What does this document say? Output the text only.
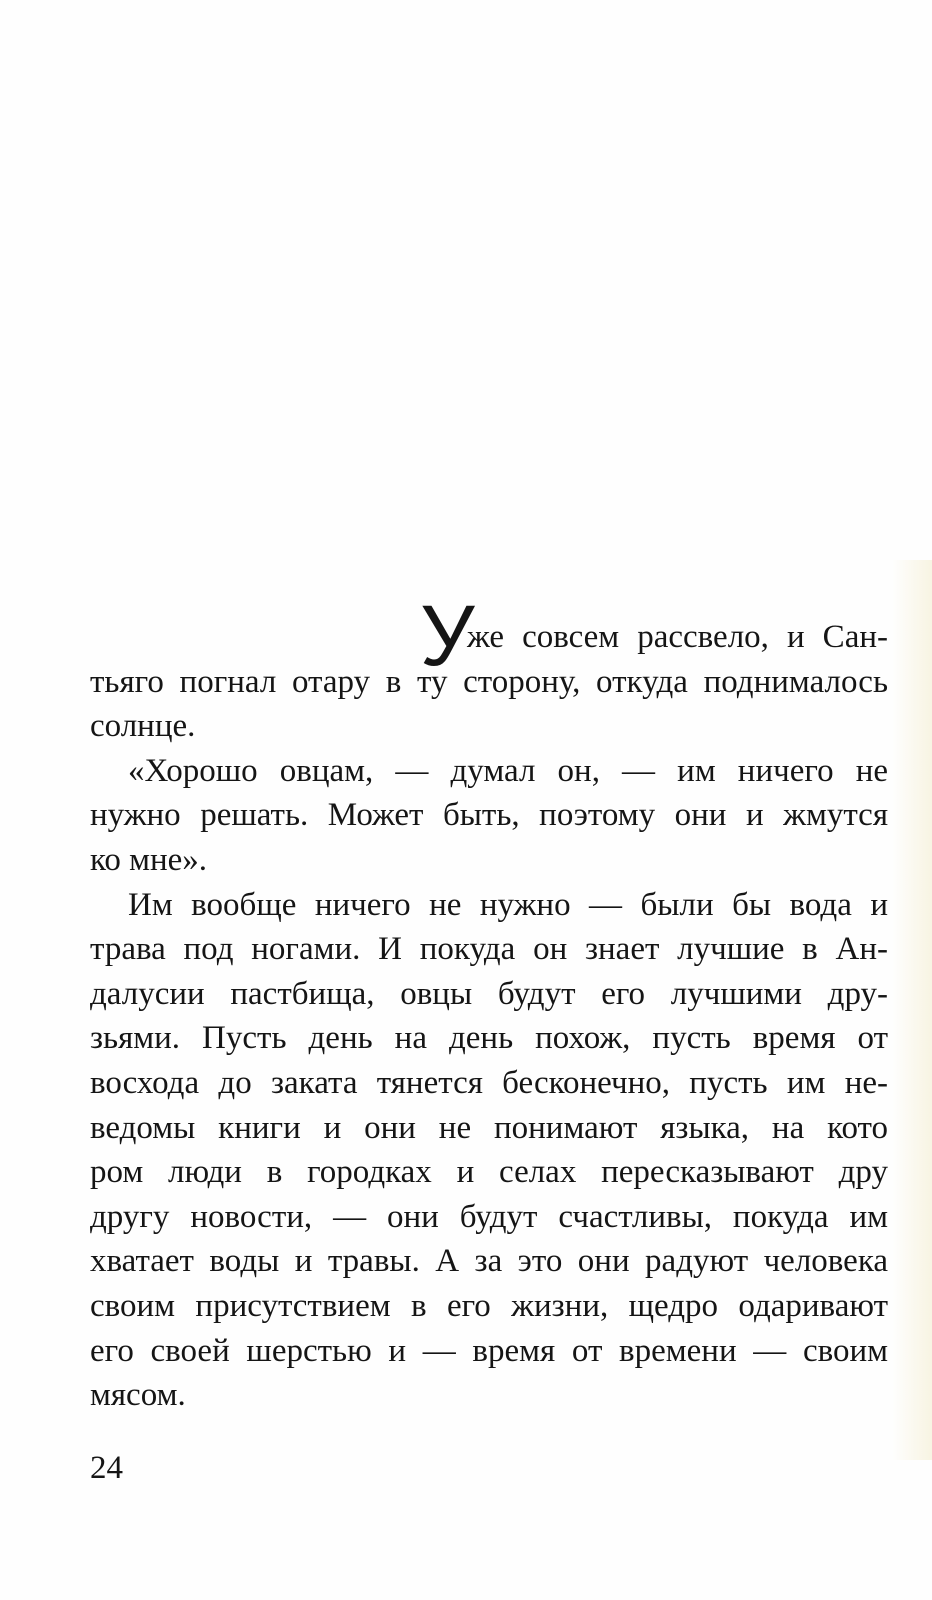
У
же совсем рассвело, и Сан-
тьяго погнал отару в ту сторону, откуда поднималось
солнце.
«Хорошо овцам, — думал он, — им ничего не
нужно решать. Может быть, поэтому они и жмутся
ко мне».
Им вообще ничего не нужно — были бы вода и
трава под ногами. И покуда он знает лучшие в Ан-
далусии пастбища, овцы будут его лучшими дру-
зьями. Пусть день на день похож, пусть время от
восхода до заката тянется бесконечно, пусть им не-
ведомы книги и они не понимают языка, на кото
ром люди в городках и селах пересказывают дру
другу новости, — они будут счастливы, покуда им
хватает воды и травы. А за это они радуют человека
своим присутствием в его жизни, щедро одаривают
его своей шерстью и — время от времени — своим
мясом.
24
